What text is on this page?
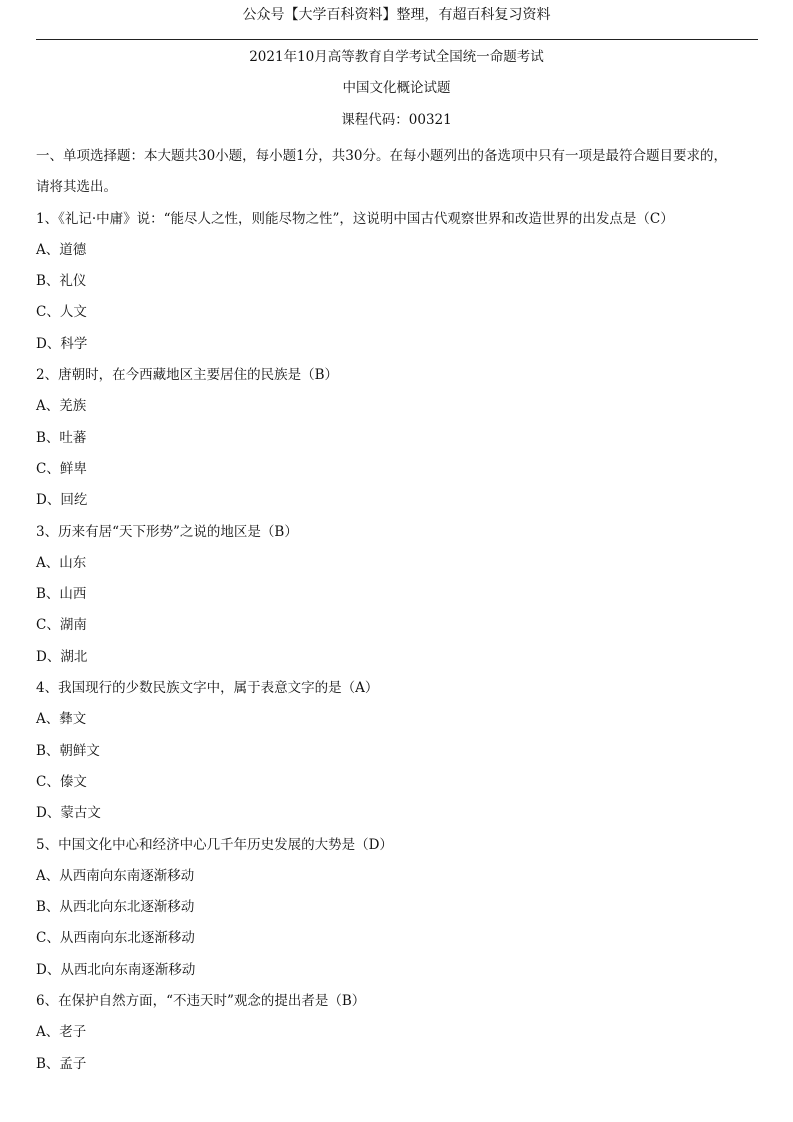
公众号【大学百科资料】整理，有超百科复习资料
2021年10月高等教育自学考试全国统一命题考试
中国文化概论试题
课程代码：00321
一、单项选择题：本大题共30小题，每小题1分，共30分。在每小题列出的备选项中只有一项是最符合题目要求的，
请将其选出。
1、《礼记·中庸》说：“能尽人之性，则能尽物之性”，这说明中国古代观察世界和改造世界的出发点是（C）
A、道德
B、礼仪
C、人文
D、科学
2、唐朝时，在今西藏地区主要居住的民族是（B）
A、羌族
B、吐蕃
C、鲜卑
D、回纥
3、历来有居“天下形势”之说的地区是（B）
A、山东
B、山西
C、湖南
D、湖北
4、我国现行的少数民族文字中，属于表意文字的是（A）
A、彝文
B、朝鲜文
C、傣文
D、蒙古文
5、中国文化中心和经济中心几千年历史发展的大势是（D）
A、从西南向东南逐渐移动
B、从西北向东北逐渐移动
C、从西南向东北逐渐移动
D、从西北向东南逐渐移动
6、在保护自然方面，“不违天时”观念的提出者是（B）
A、老子
B、孟子
